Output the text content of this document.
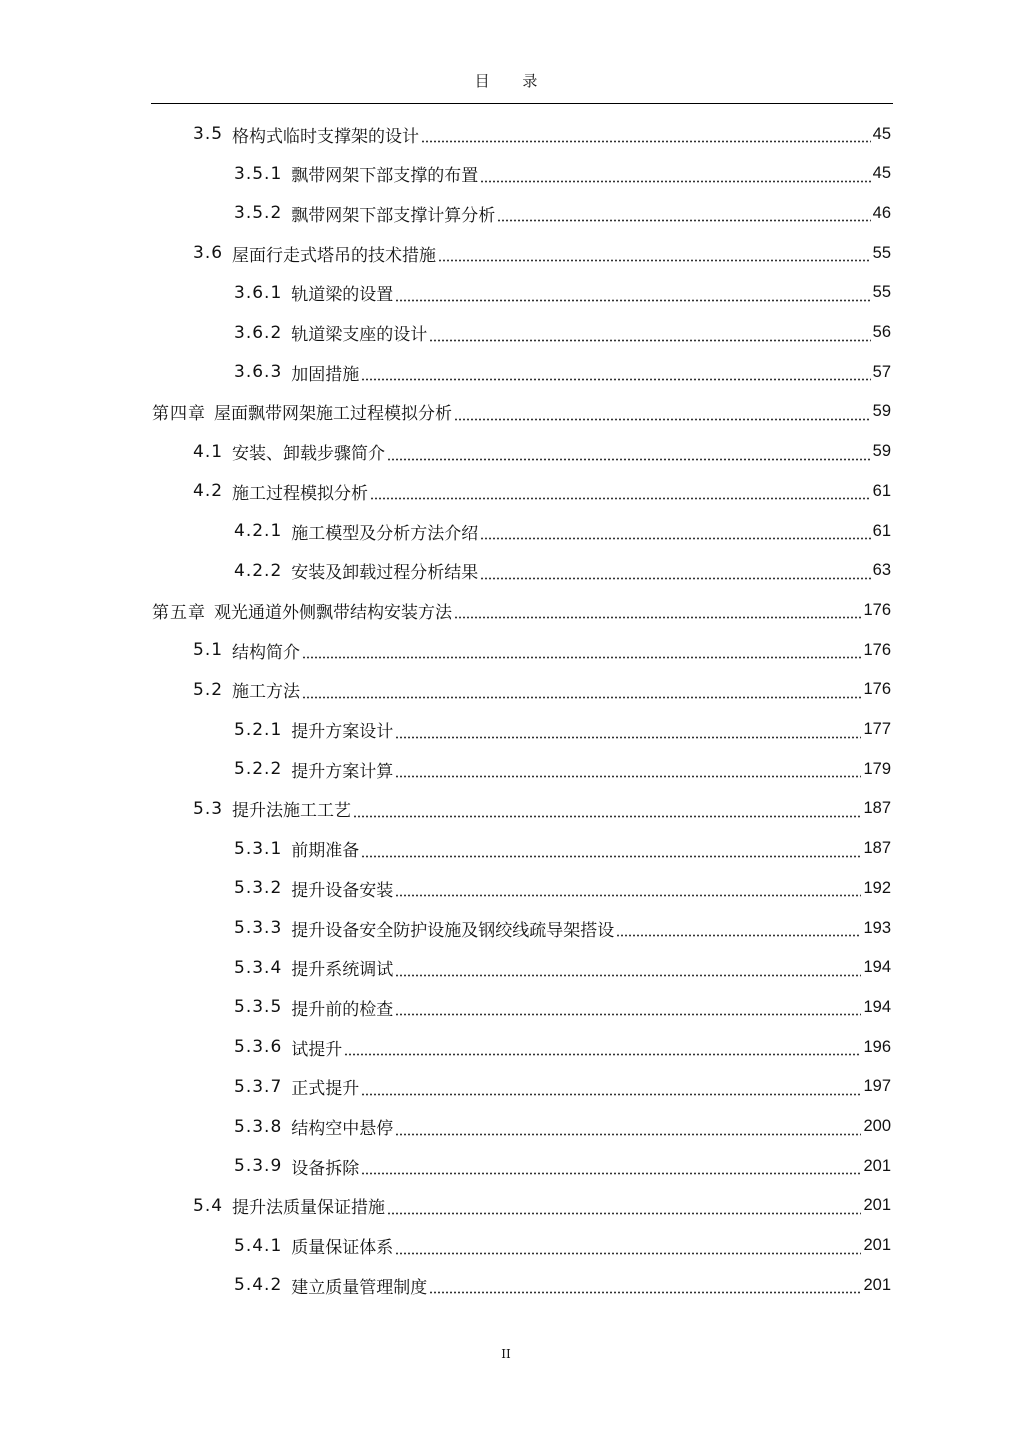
目 录
3.5 格构式临时支撑架的设计	45
3.5.1 飘带网架下部支撑的布置	45
3.5.2 飘带网架下部支撑计算分析	46
3.6 屋面行走式塔吊的技术措施	55
3.6.1 轨道梁的设置	55
3.6.2 轨道梁支座的设计	56
3.6.3 加固措施	57
第四章 屋面飘带网架施工过程模拟分析	59
4.1 安装、卸载步骤简介	59
4.2 施工过程模拟分析	61
4.2.1 施工模型及分析方法介绍	61
4.2.2 安装及卸载过程分析结果	63
第五章 观光通道外侧飘带结构安装方法	176
5.1 结构简介	176
5.2 施工方法	176
5.2.1 提升方案设计	177
5.2.2 提升方案计算	179
5.3 提升法施工工艺	187
5.3.1 前期准备	187
5.3.2 提升设备安装	192
5.3.3 提升设备安全防护设施及钢绞线疏导架搭设	193
5.3.4 提升系统调试	194
5.3.5 提升前的检查	194
5.3.6 试提升	196
5.3.7 正式提升	197
5.3.8 结构空中悬停	200
5.3.9 设备拆除	201
5.4 提升法质量保证措施	201
5.4.1 质量保证体系	201
5.4.2 建立质量管理制度	201
II
